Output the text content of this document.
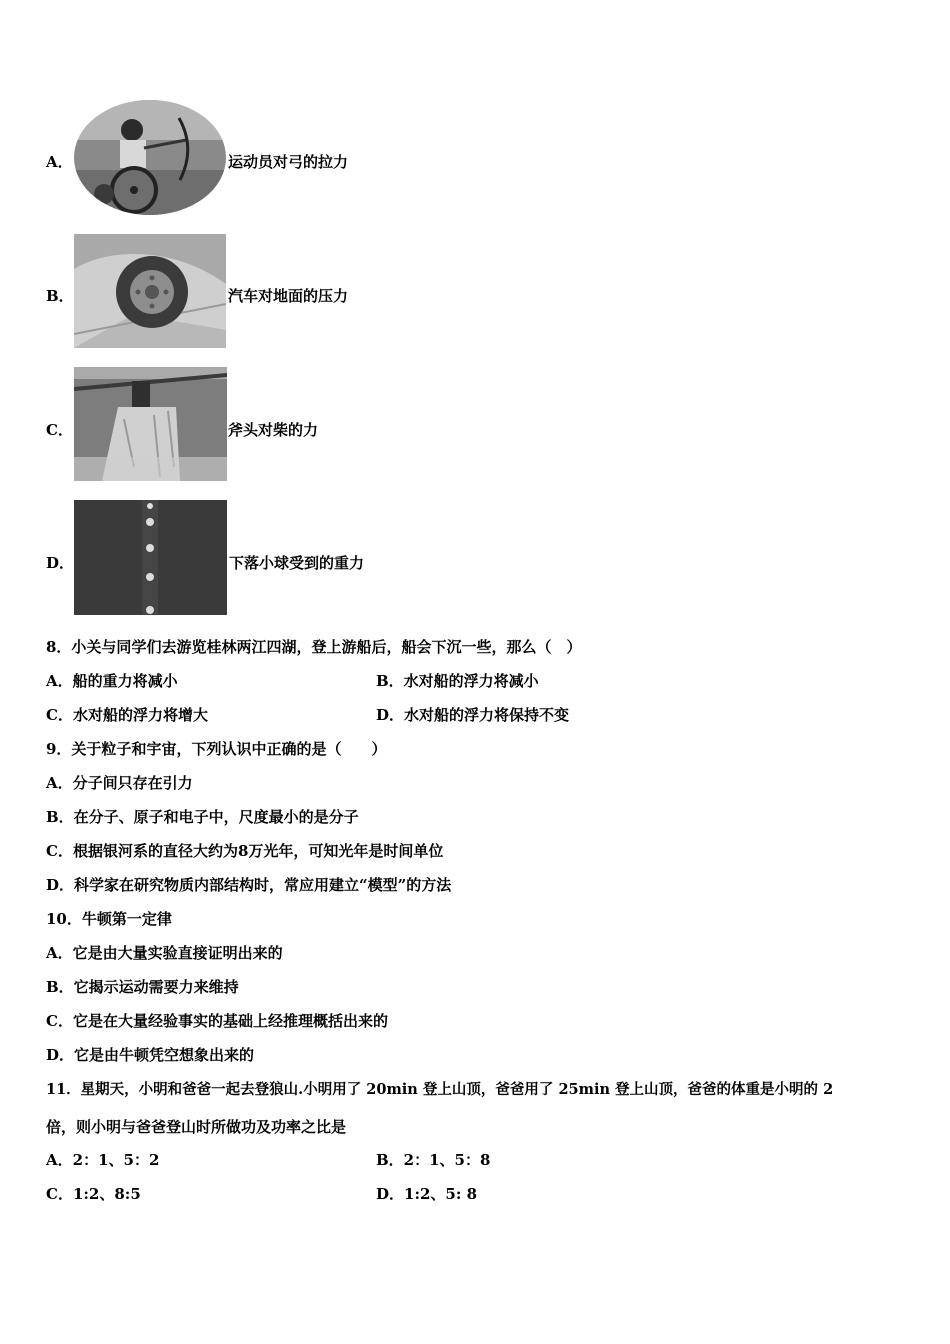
A．	运动员对弓的拉力
B．	汽车对地面的压力
C．	斧头对柴的力
D．	下落小球受到的重力
8．小关与同学们去游览桂林两江四湖，登上游船后，船会下沉一些，那么（　）
A．船的重力将减小	B．水对船的浮力将减小
C．水对船的浮力将增大	D．水对船的浮力将保持不变
9．关于粒子和宇宙，下列认识中正确的是（　　）
A．分子间只存在引力
B．在分子、原子和电子中，尺度最小的是分子
C．根据银河系的直径大约为8万光年，可知光年是时间单位
D．科学家在研究物质内部结构时，常应用建立“模型”的方法
10．牛顿第一定律
A．它是由大量实验直接证明出来的
B．它揭示运动需要力来维持
C．它是在大量经验事实的基础上经推理概括出来的
D．它是由牛顿凭空想象出来的
11．星期天，小明和爸爸一起去登狼山.小明用了 20min 登上山顶，爸爸用了 25min 登上山顶，爸爸的体重是小明的 2
倍，则小明与爸爸登山时所做功及功率之比是
A．2：1、5：2	B．2：1、5：8
C．1:2、8:5	D．1:2、5: 8
